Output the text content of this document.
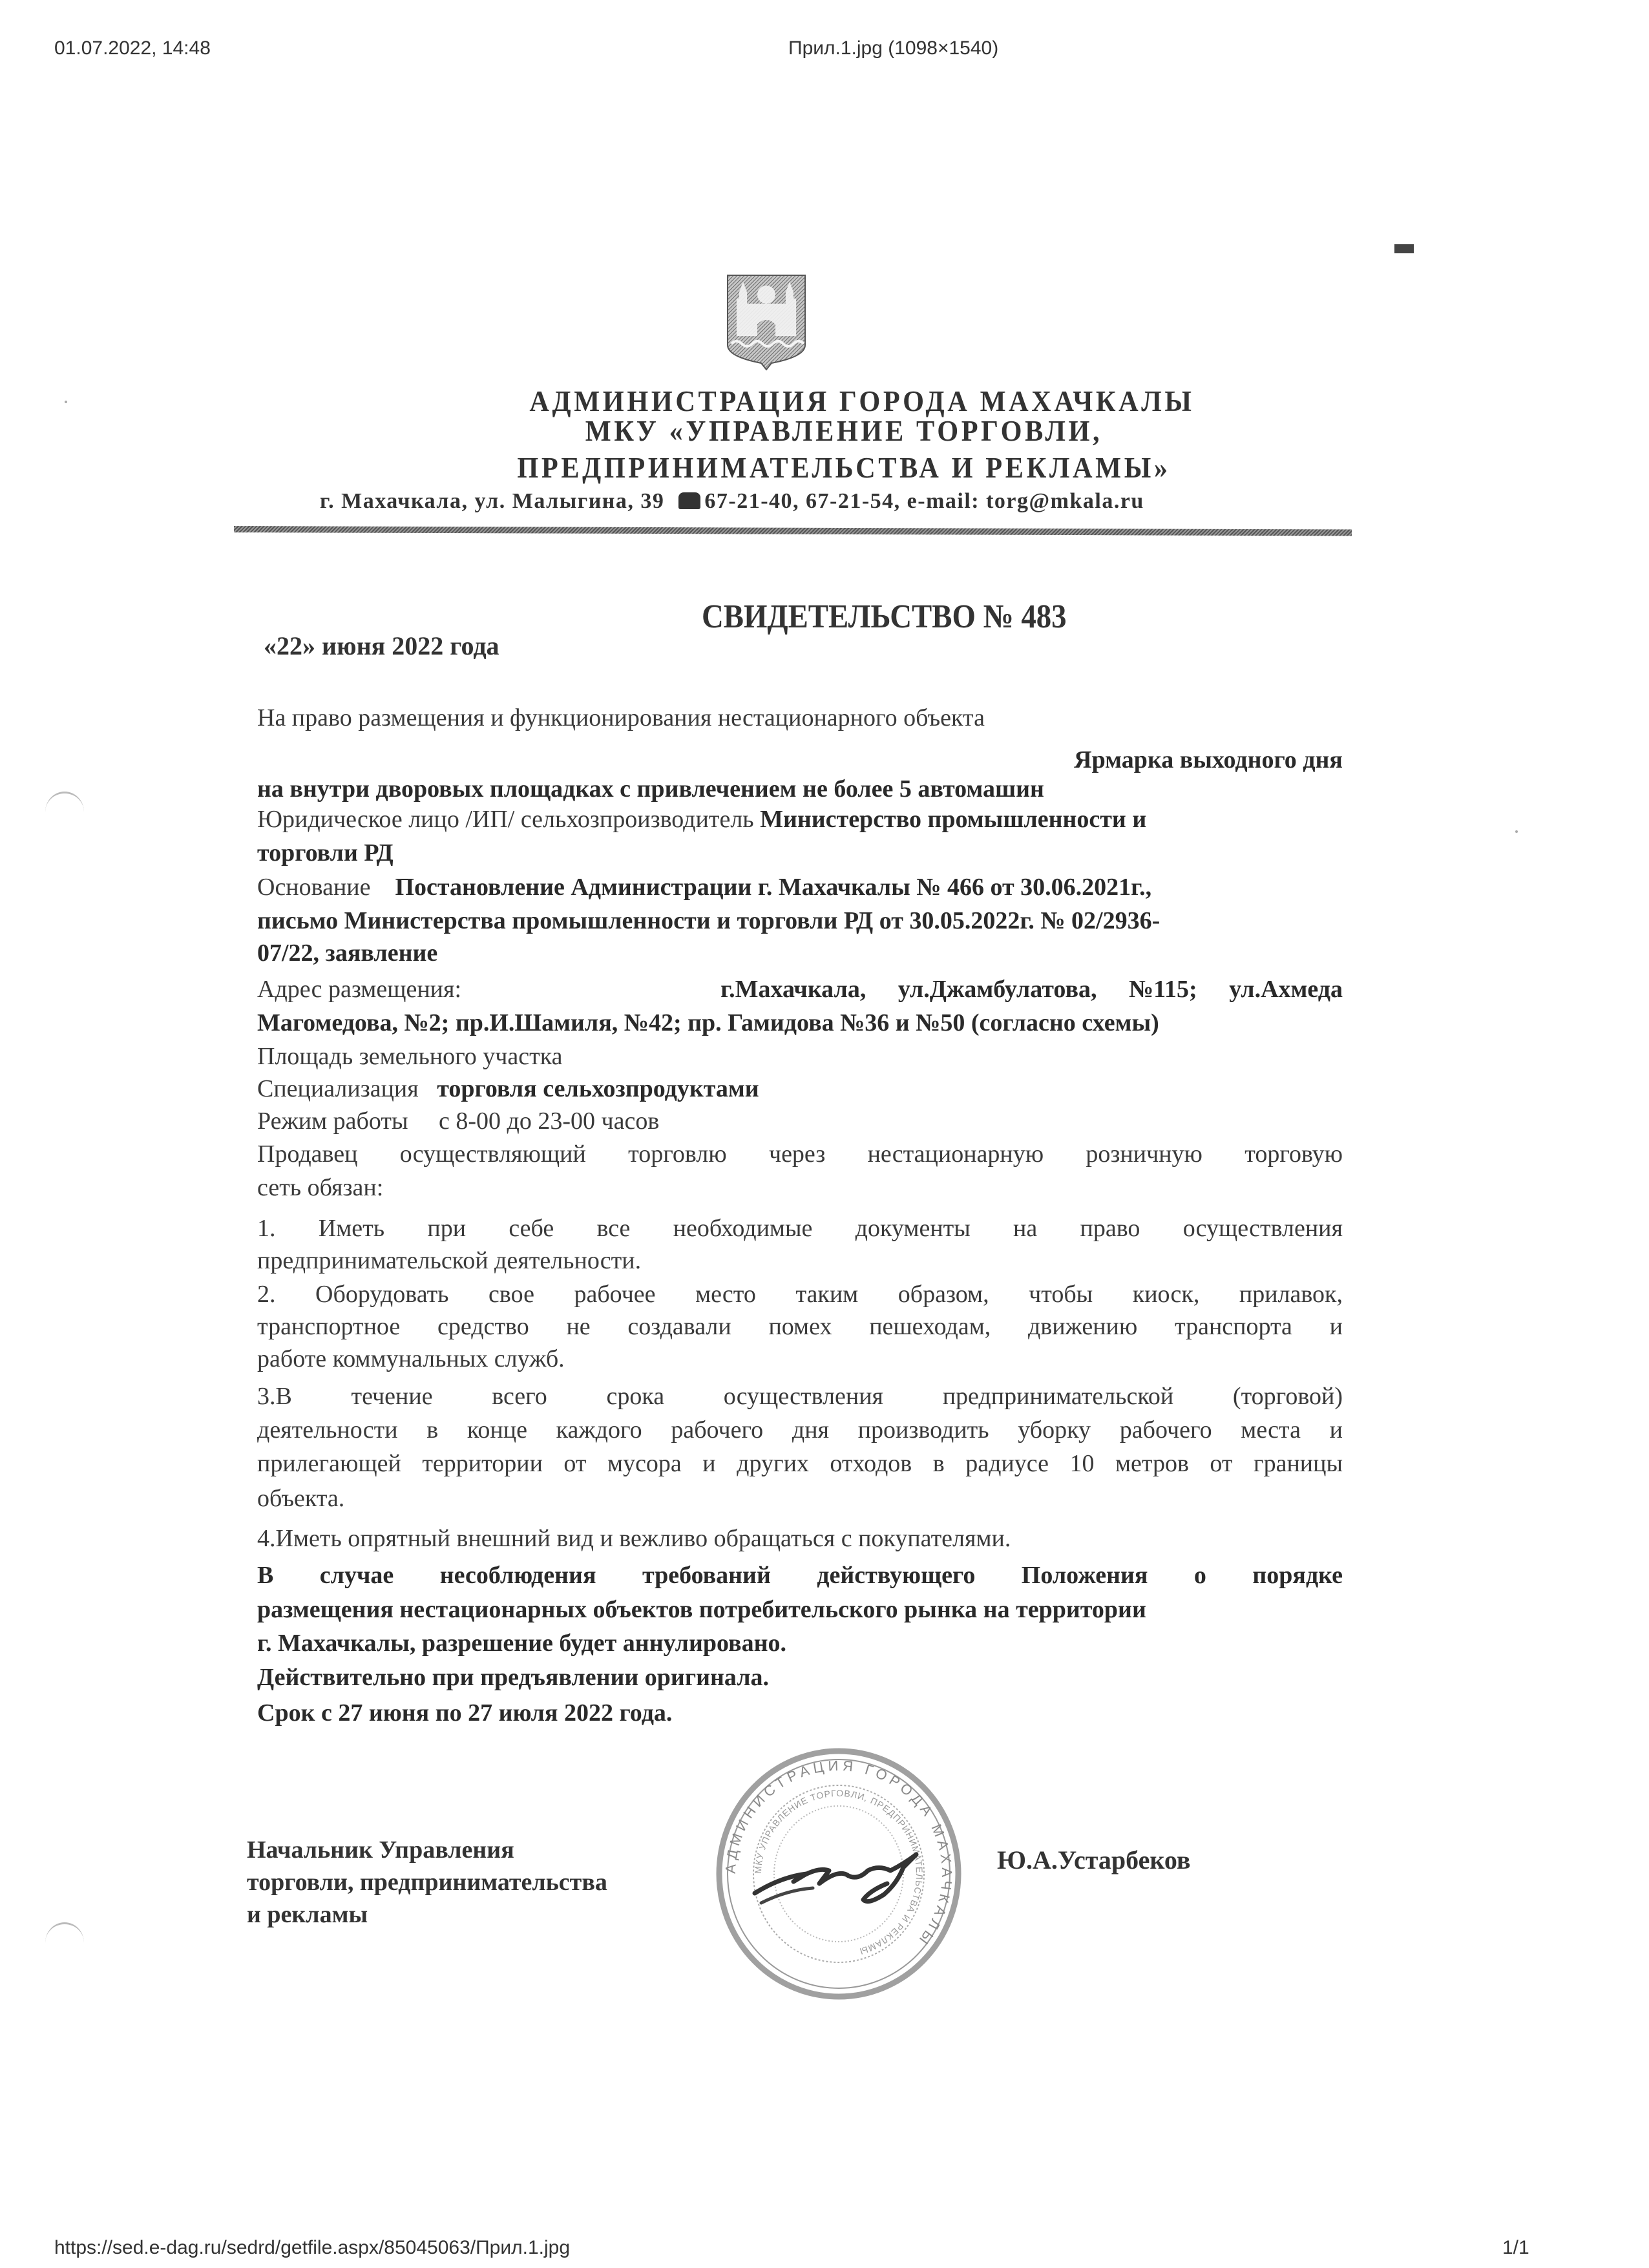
01.07.2022, 14:48	Прил.1.jpg (1098×1540)
АДМИНИСТРАЦИЯ ГОРОДА МАХАЧКАЛЫ
МКУ «УПРАВЛЕНИЕ ТОРГОВЛИ,
ПРЕДПРИНИМАТЕЛЬСТВА И РЕКЛАМЫ»
г. Махачкала, ул. Малыгина, 39 67-21-40, 67-21-54, e-mail: torg@mkala.ru
СВИДЕТЕЛЬСТВО № 483
«22» июня 2022 года
На право размещения и функционирования нестационарного объекта
Ярмарка выходного дня
на внутри дворовых площадках с привлечением не более 5 автомашин
Юридическое лицо /ИП/ сельхозпроизводитель Министерство промышленности и
торговли РД
Основание Постановление Администрации г. Махачкалы № 466 от 30.06.2021г.,
письмо Министерства промышленности и торговли РД от 30.05.2022г. № 02/2936-
07/22, заявление
Адрес размещения:	г.Махачкала, ул.Джамбулатова, №115; ул.Ахмеда
Магомедова, №2; пр.И.Шамиля, №42; пр. Гамидова №36 и №50 (согласно схемы)
Площадь земельного участка
Специализация торговля сельхозпродуктами
Режим работы с 8-00 до 23-00 часов
Продавец осуществляющий торговлю через нестационарную розничную торговую
сеть обязан:
1. Иметь при себе все необходимые документы на право осуществления
предпринимательской деятельности.
2. Оборудовать свое рабочее место таким образом, чтобы киоск, прилавок,
транспортное средство не создавали помех пешеходам, движению транспорта и
работе коммунальных служб.
3.В течение всего срока осуществления предпринимательской (торговой)
деятельности в конце каждого рабочего дня производить уборку рабочего места и
прилегающей территории от мусора и других отходов в радиусе 10 метров от границы
объекта.
4.Иметь опрятный внешний вид и вежливо обращаться с покупателями.
В случае несоблюдения требований действующего Положения о порядке
размещения нестационарных объектов потребительского рынка на территории
г. Махачкалы, разрешение будет аннулировано.
Действительно при предъявлении оригинала.
Срок с 27 июня по 27 июля 2022 года.
АДМИНИСТРАЦИЯ ГОРОДА МАХАЧКАЛЫ
МКУ УПРАВЛЕНИЕ ТОРГОВЛИ, ПРЕДПРИНИМАТЕЛЬСТВА И РЕКЛАМЫ
Начальник Управления
торговли, предпринимательства
и рекламы
Ю.А.Устарбеков
https://sed.e-dag.ru/sedrd/getfile.aspx/85045063/Прил.1.jpg	1/1
